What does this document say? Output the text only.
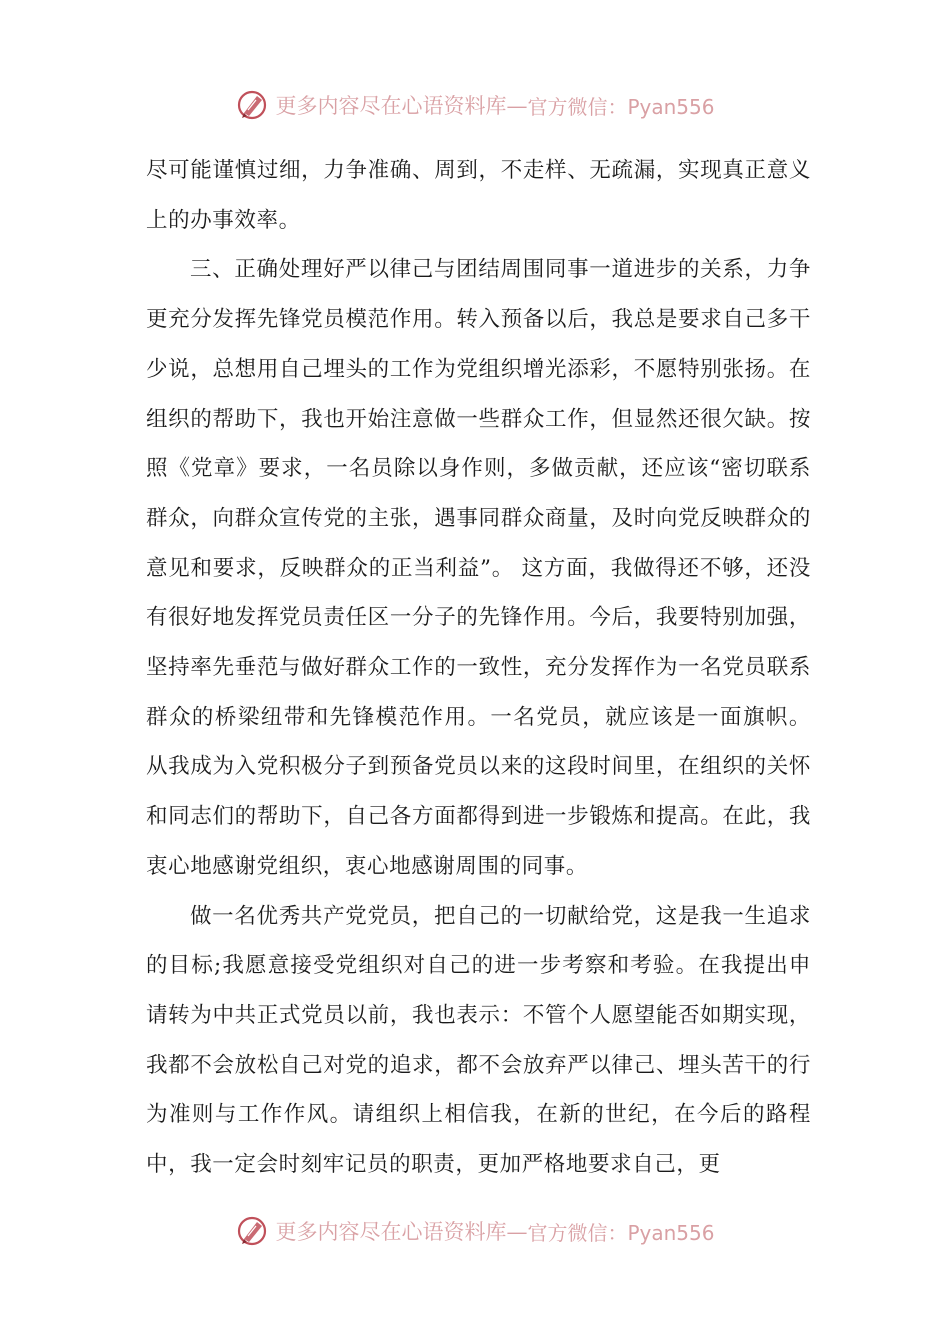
更多内容尽在心语资料库— 官方微信：Pyan556

尽可能谨慎过细，力争准确、周到，不走样、无疏漏，实现真正意义上的办事效率。

三、正确处理好严以律己与团结周围同事一道进步的关系，力争更充分发挥先锋党员模范作用。转入预备以后，我总是要求自己多干少说，总想用自己埋头的工作为党组织增光添彩，不愿特别张扬。在组织的帮助下，我也开始注意做一些群众工作，但显然还很欠缺。按照《党章》要求，一名员除以身作则，多做贡献，还应该“密切联系群众，向群众宣传党的主张，遇事同群众商量，及时向党反映群众的意见和要求，反映群众的正当利益”。 这方面，我做得还不够，还没有很好地发挥党员责任区一分子的先锋作用。今后，我要特别加强，坚持率先垂范与做好群众工作的一致性，充分发挥作为一名党员联系群众的桥梁纽带和先锋模范作用。一名党员，就应该是一面旗帜。 从我成为入党积极分子到预备党员以来的这段时间里，在组织的关怀和同志们的帮助下，自己各方面都得到进一步锻炼和提高。在此，我衷心地感谢党组织，衷心地感谢周围的同事。

做一名优秀共产党党员，把自己的一切献给党，这是我一生追求的目标;我愿意接受党组织对自己的进一步考察和考验。在我提出申请转为中共正式党员以前，我也表示：不管个人愿望能否如期实现，我都不会放松自己对党的追求，都不会放弃严以律己、埋头苦干的行为准则与工作作风。请组织上相信我，在新的世纪，在今后的路程中，我一定会时刻牢记员的职责，更加严格地要求自己，更

更多内容尽在心语资料库— 官方微信：Pyan556
